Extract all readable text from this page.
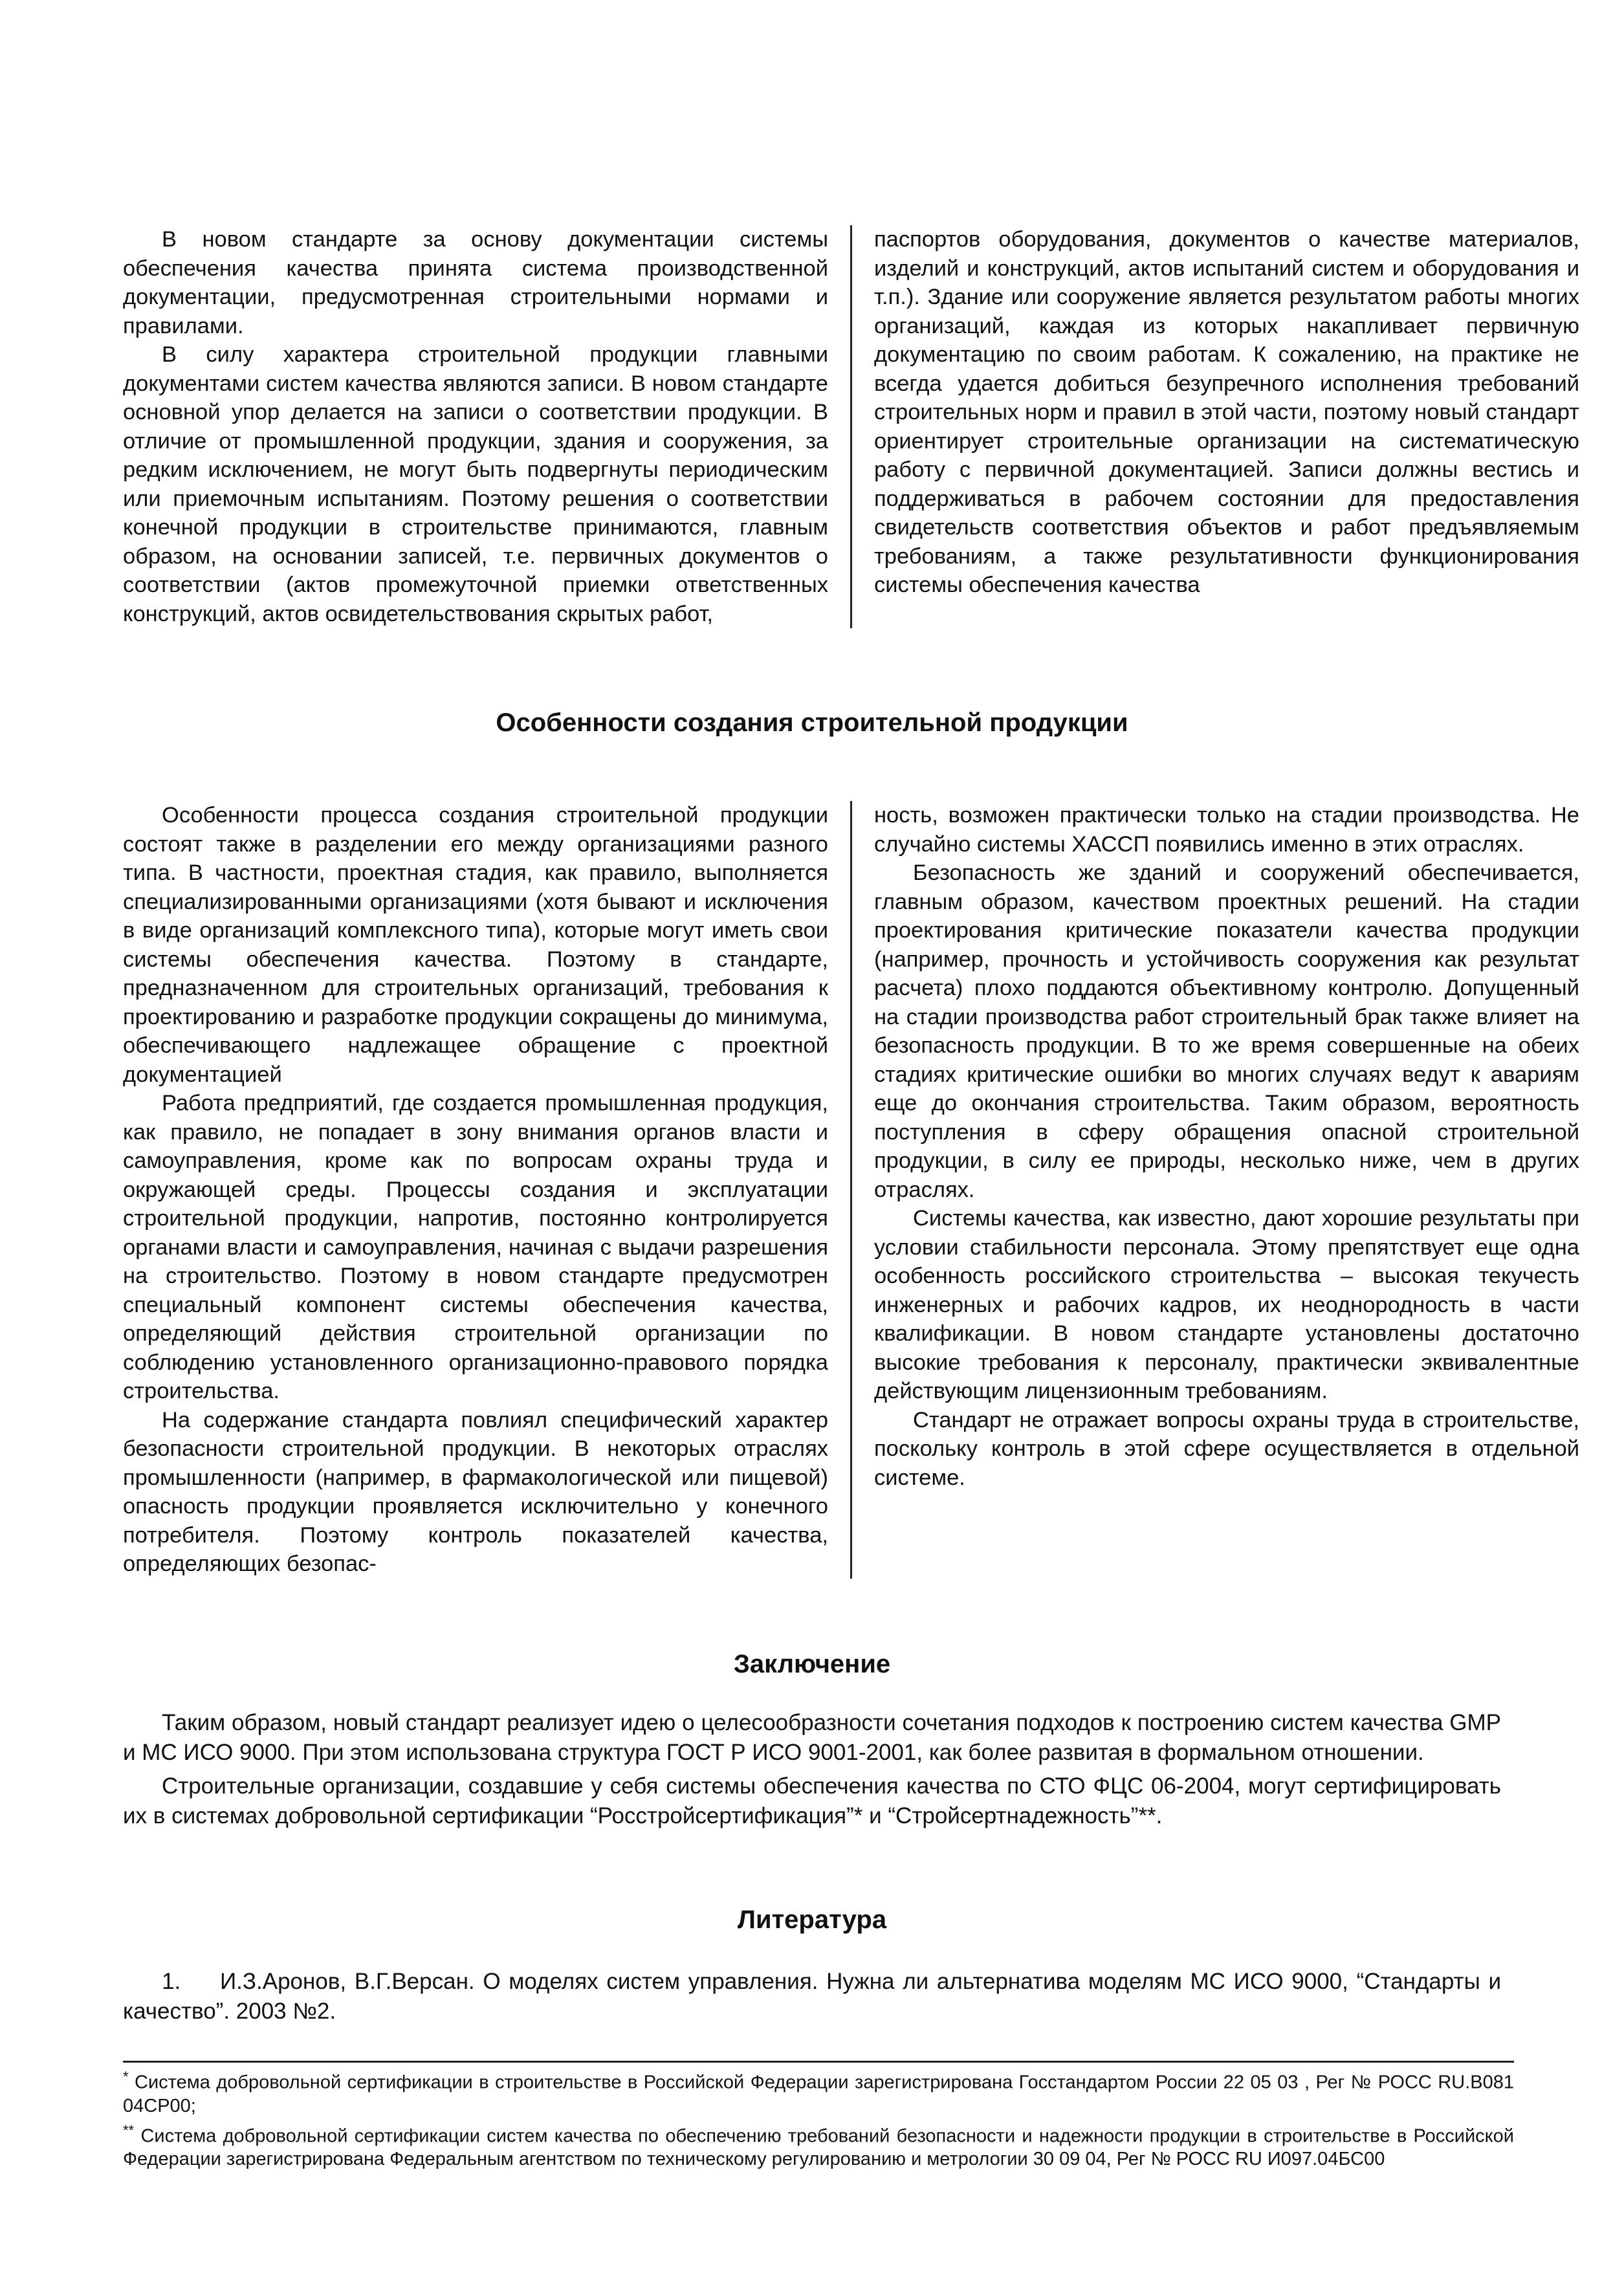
В новом стандарте за основу документации системы обеспечения качества принята система производственной документации, предусмотренная строительными нормами и правилами.

В силу характера строительной продукции главными документами систем качества являются записи. В новом стандарте основной упор делается на записи о соответствии продукции. В отличие от промышленной продукции, здания и сооружения, за редким исключением, не могут быть подвергнуты периодическим или приемочным испытаниям. Поэтому решения о соответствии конечной продукции в строительстве принимаются, главным образом, на основании записей, т.е. первичных документов о соответствии (актов промежуточной приемки ответственных конструкций, актов освидетельствования скрытых работ,

паспортов оборудования, документов о качестве материалов, изделий и конструкций, актов испытаний систем и оборудования и т.п.). Здание или сооружение является результатом работы многих организаций, каждая из которых накапливает первичную документацию по своим работам. К сожалению, на практике не всегда удается добиться безупречного исполнения требований строительных норм и правил в этой части, поэтому новый стандарт ориентирует строительные организации на систематическую работу с первичной документацией. Записи должны вестись и поддерживаться в рабочем состоянии для предоставления свидетельств соответствия объектов и работ предъявляемым требованиям, а также результативности функционирования системы обеспечения качества

Особенности создания строительной продукции

Особенности процесса создания строительной продукции состоят также в разделении его между организациями разного типа. В частности, проектная стадия, как правило, выполняется специализированными организациями (хотя бывают и исключения в виде организаций комплексного типа), которые могут иметь свои системы обеспечения качества. Поэтому в стандарте, предназначенном для строительных организаций, требования к проектированию и разработке продукции сокращены до минимума, обеспечивающего надлежащее обращение с проектной документацией

Работа предприятий, где создается промышленная продукция, как правило, не попадает в зону внимания органов власти и самоуправления, кроме как по вопросам охраны труда и окружающей среды. Процессы создания и эксплуатации строительной продукции, напротив, постоянно контролируется органами власти и самоуправления, начиная с выдачи разрешения на строительство. Поэтому в новом стандарте предусмотрен специальный компонент системы обеспечения качества, определяющий действия строительной организации по соблюдению установленного организационно-правового порядка строительства.

На содержание стандарта повлиял специфический характер безопасности строительной продукции. В некоторых отраслях промышленности (например, в фармакологической или пищевой) опасность продукции проявляется исключительно у конечного потребителя. Поэтому контроль показателей качества, определяющих безопас-

ность, возможен практически только на стадии производства. Не случайно системы ХАССП появились именно в этих отраслях.

Безопасность же зданий и сооружений обеспечивается, главным образом, качеством проектных решений. На стадии проектирования критические показатели качества продукции (например, прочность и устойчивость сооружения как результат расчета) плохо поддаются объективному контролю. Допущенный на стадии производства работ строительный брак также влияет на безопасность продукции. В то же время совершенные на обеих стадиях критические ошибки во многих случаях ведут к авариям еще до окончания строительства. Таким образом, вероятность поступления в сферу обращения опасной строительной продукции, в силу ее природы, несколько ниже, чем в других отраслях.

Системы качества, как известно, дают хорошие результаты при условии стабильности персонала. Этому препятствует еще одна особенность российского строительства – высокая текучесть инженерных и рабочих кадров, их неоднородность в части квалификации. В новом стандарте установлены достаточно высокие требования к персоналу, практически эквивалентные действующим лицензионным требованиям.

Стандарт не отражает вопросы охраны труда в строительстве, поскольку контроль в этой сфере осуществляется в отдельной системе.

Заключение

Таким образом, новый стандарт реализует идею о целесообразности сочетания подходов к построению систем качества GMP и МС ИСО 9000. При этом использована структура ГОСТ Р ИСО 9001-2001, как более развитая в формальном отношении.

Строительные организации, создавшие у себя системы обеспечения качества по СТО ФЦС 06-2004, могут сертифицировать их в системах добровольной сертификации “Росстройсертификация”* и “Стройсертнадежность”**.

Литература
1. И.З.Аронов, В.Г.Версан. О моделях систем управления. Нужна ли альтернатива моделям МС ИСО 9000, “Стандарты и качество”. 2003 №2.

* Система добровольной сертификации в строительстве в Российской Федерации зарегистрирована Госстандартом России 22 05 03 , Рег № РОСС RU.В081 04СР00;

** Система добровольной сертификации систем качества по обеспечению требований безопасности и надежности продукции в строительстве в Российской Федерации зарегистрирована Федеральным агентством по техническому регулированию и метрологии 30 09 04, Рег № РОСС RU И097.04БС00
